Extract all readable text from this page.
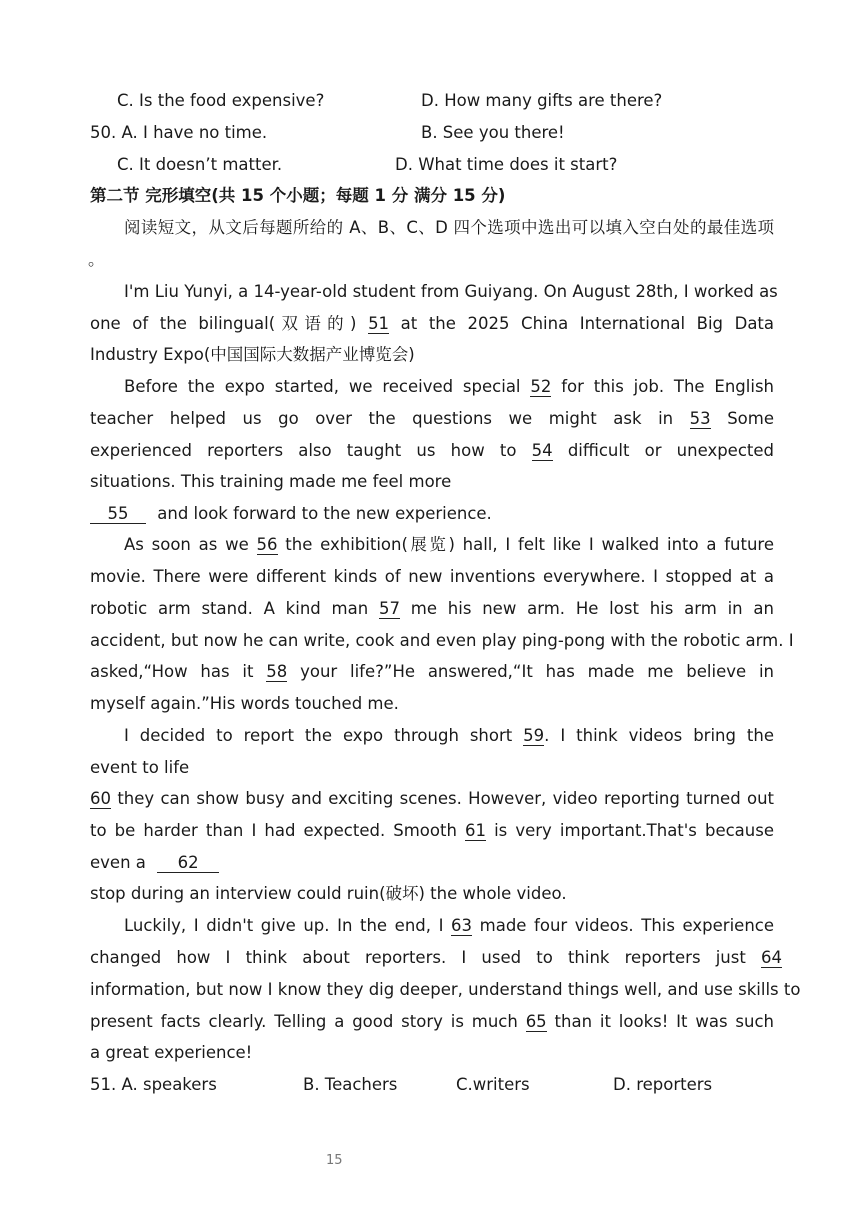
C. Is the food expensive?	D. How many gifts are there?
50. A. I have no time.	B. See you there!
C. It doesn’t matter.	D. What time does it start?
第二节 完形填空(共 15 个小题；每题 1 分 满分 15 分)
阅读短文，从文后每题所给的 A、B、C、D 四个选项中选出可以填入空白处的最佳选项
。
I'm Liu Yunyi, a 14-year-old student from Guiyang. On August 28th, I worked as
one of the bilingual(双语的) 51 at the 2025 China International Big Data
Industry Expo(中国国际大数据产业博览会)
Before the expo started, we received special 52 for this job. The English
teacher helped us go over the questions we might ask in 53 Some
experienced reporters also taught us how to 54 difficult or unexpected
situations. This training made me feel more
55 and look forward to the new experience.
As soon as we 56 the exhibition(展览) hall, I felt like I walked into a future
movie. There were different kinds of new inventions everywhere. I stopped at a
robotic arm stand. A kind man 57 me his new arm. He lost his arm in an
accident, but now he can write, cook and even play ping-pong with the robotic arm. I
asked,“How has it 58 your life?”He answered,“It has made me believe in
myself again.”His words touched me.
I decided to report the expo through short 59. I think videos bring the
event to life
60 they can show busy and exciting scenes. However, video reporting turned out
to be harder than I had expected. Smooth 61 is very important.That's because
even a 62
stop during an interview could ruin(破坏) the whole video.
Luckily, I didn't give up. In the end, I 63 made four videos. This experience
changed how I think about reporters. I used to think reporters just 64
information, but now I know they dig deeper, understand things well, and use skills to
present facts clearly. Telling a good story is much 65 than it looks! It was such
a great experience!
51. A. speakers	B. Teachers	C.writers	D. reporters
15
